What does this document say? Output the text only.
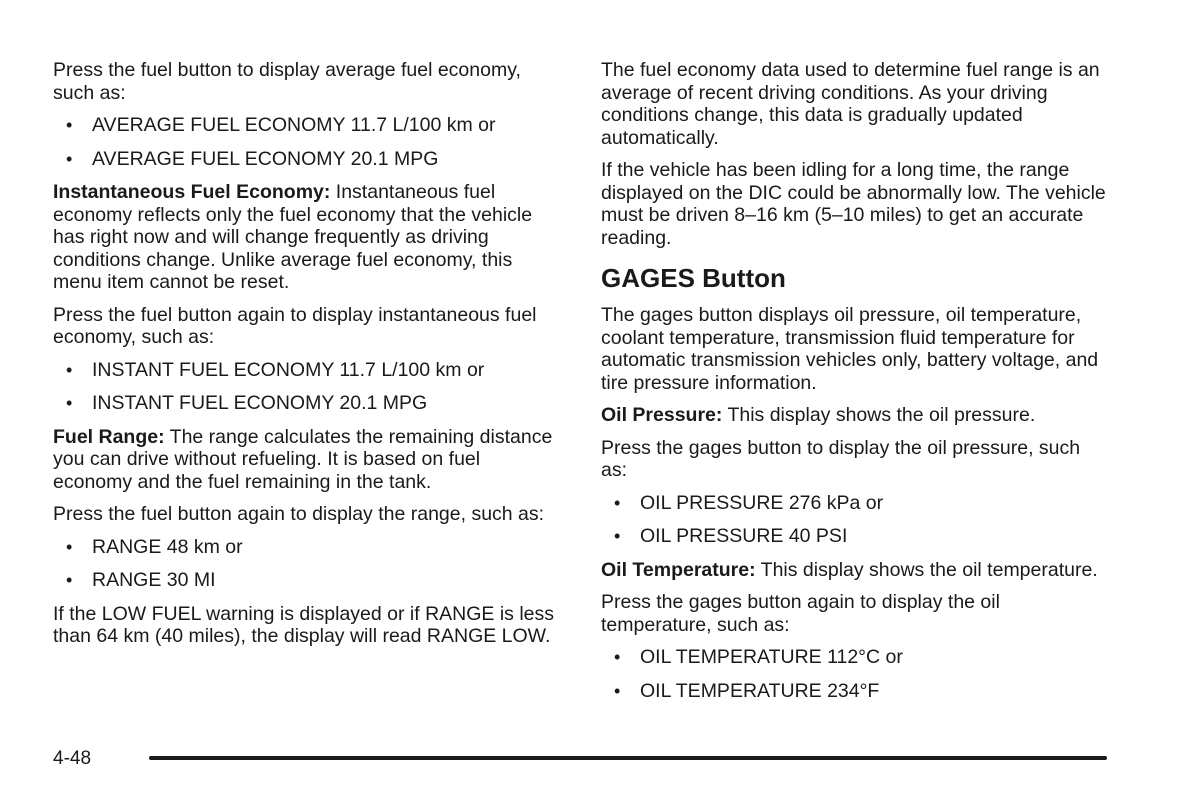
Press the fuel button to display average fuel economy, such as:

• AVERAGE FUEL ECONOMY 11.7 L/100 km or
• AVERAGE FUEL ECONOMY 20.1 MPG

Instantaneous Fuel Economy: Instantaneous fuel economy reflects only the fuel economy that the vehicle has right now and will change frequently as driving conditions change. Unlike average fuel economy, this menu item cannot be reset.

Press the fuel button again to display instantaneous fuel economy, such as:

• INSTANT FUEL ECONOMY 11.7 L/100 km or
• INSTANT FUEL ECONOMY 20.1 MPG

Fuel Range: The range calculates the remaining distance you can drive without refueling. It is based on fuel economy and the fuel remaining in the tank.

Press the fuel button again to display the range, such as:

• RANGE 48 km or
• RANGE 30 MI

If the LOW FUEL warning is displayed or if RANGE is less than 64 km (40 miles), the display will read RANGE LOW.

The fuel economy data used to determine fuel range is an average of recent driving conditions. As your driving conditions change, this data is gradually updated automatically.

If the vehicle has been idling for a long time, the range displayed on the DIC could be abnormally low. The vehicle must be driven 8–16 km (5–10 miles) to get an accurate reading.

GAGES Button

The gages button displays oil pressure, oil temperature, coolant temperature, transmission fluid temperature for automatic transmission vehicles only, battery voltage, and tire pressure information.

Oil Pressure: This display shows the oil pressure.

Press the gages button to display the oil pressure, such as:

• OIL PRESSURE 276 kPa or
• OIL PRESSURE 40 PSI

Oil Temperature: This display shows the oil temperature.

Press the gages button again to display the oil temperature, such as:

• OIL TEMPERATURE 112°C or
• OIL TEMPERATURE 234°F
4-48
